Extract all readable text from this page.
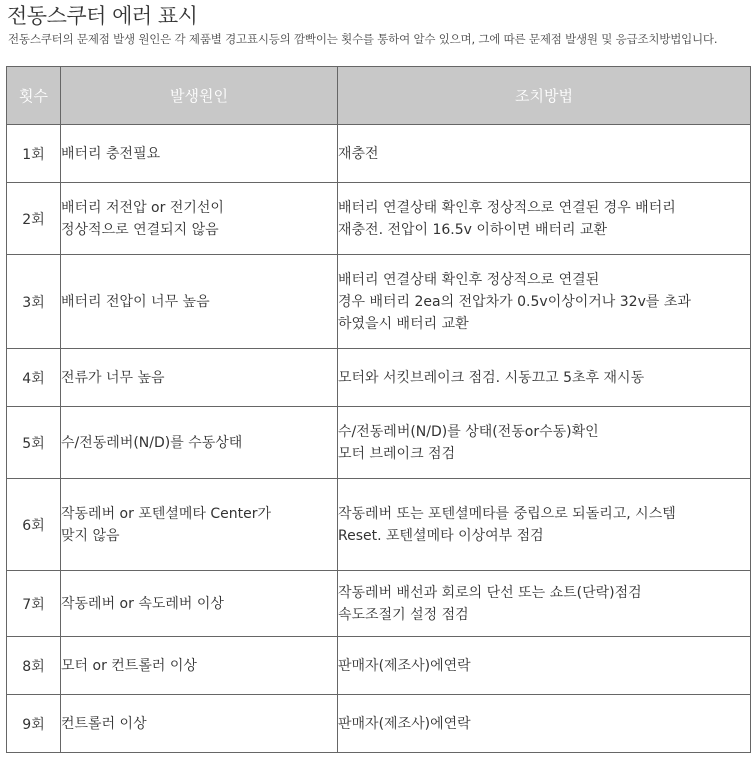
전동스쿠터 에러 표시
전동스쿠터의 문제점 발생 원인은 각 제품별 경고표시등의 깜빡이는 횟수를 통하여 알수 있으며, 그에 따른 문제점 발생원 및 응급조치방법입니다.
횟수	발생원인	조치방법
1회	배터리 충전필요	재충전

2회	배터리 저전압 or 전기선이
정상적으로 연결되지 않음	배터리 연결상태 확인후 정상적으로 연결된 경우 배터리
재충전. 전압이 16.5v 이하이면 배터리 교환

3회	배터리 전압이 너무 높음	배터리 연결상태 확인후 정상적으로 연결된
경우 배터리 2ea의 전압차가 0.5v이상이거나 32v를 초과
하였을시 배터리 교환

4회	전류가 너무 높음	모터와 서킷브레이크 점검. 시동끄고 5초후 재시동

5회	수/전동레버(N/D)를 수동상태	수/전동레버(N/D)를 상태(전동or수동)확인
모터 브레이크 점검

6회	작동레버 or 포텐셜메타 Center가
맞지 않음	작동레버 또는 포텐셜메타를 중립으로 되돌리고, 시스템
Reset. 포텐셜메타 이상여부 점검

7회	작동레버 or 속도레버 이상	작동레버 배선과 회로의 단선 또는 쇼트(단락)점검
속도조절기 설정 점검

8회	모터 or 컨트롤러 이상	판매자(제조사)에연락

9회	컨트롤러 이상	판매자(제조사)에연락
